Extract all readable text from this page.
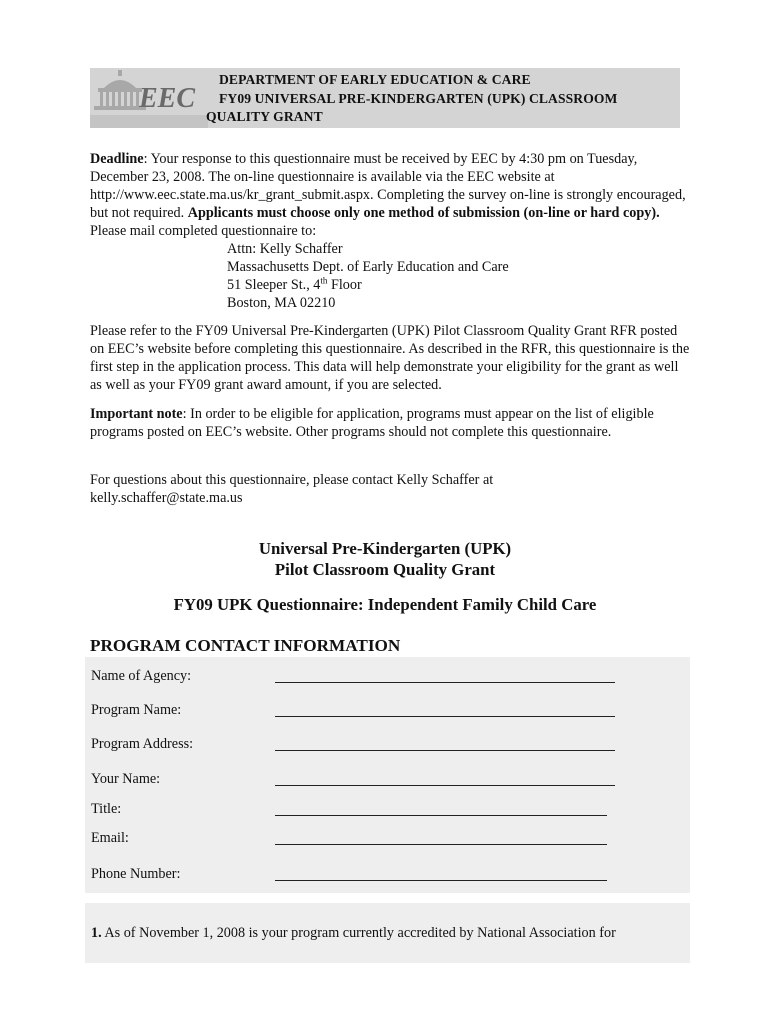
EEC
DEPARTMENT OF EARLY EDUCATION & CARE
FY09 UNIVERSAL PRE-KINDERGARTEN (UPK) CLASSROOM
QUALITY GRANT
Deadline: Your response to this questionnaire must be received by EEC by 4:30 pm on Tuesday, December 23, 2008. The on-line questionnaire is available via the EEC website at http://www.eec.state.ma.us/kr_grant_submit.aspx. Completing the survey on-line is strongly encouraged, but not required. Applicants must choose only one method of submission (on-line or hard copy). Please mail completed questionnaire to:
Attn: Kelly Schaffer
Massachusetts Dept. of Early Education and Care
51 Sleeper St., 4th Floor
Boston, MA 02210
Please refer to the FY09 Universal Pre-Kindergarten (UPK) Pilot Classroom Quality Grant RFR posted on EEC’s website before completing this questionnaire. As described in the RFR, this questionnaire is the first step in the application process. This data will help demonstrate your eligibility for the grant as well as well as your FY09 grant award amount, if you are selected.
Important note: In order to be eligible for application, programs must appear on the list of eligible programs posted on EEC’s website. Other programs should not complete this questionnaire.
For questions about this questionnaire, please contact Kelly Schaffer at
kelly.schaffer@state.ma.us
Universal Pre-Kindergarten (UPK)
Pilot Classroom Quality Grant
FY09 UPK Questionnaire: Independent Family Child Care
PROGRAM CONTACT INFORMATION
Name of Agency:
Program Name:
Program Address:
Your Name:
Title:
Email:
Phone Number:
1. As of November 1, 2008 is your program currently accredited by National Association for
